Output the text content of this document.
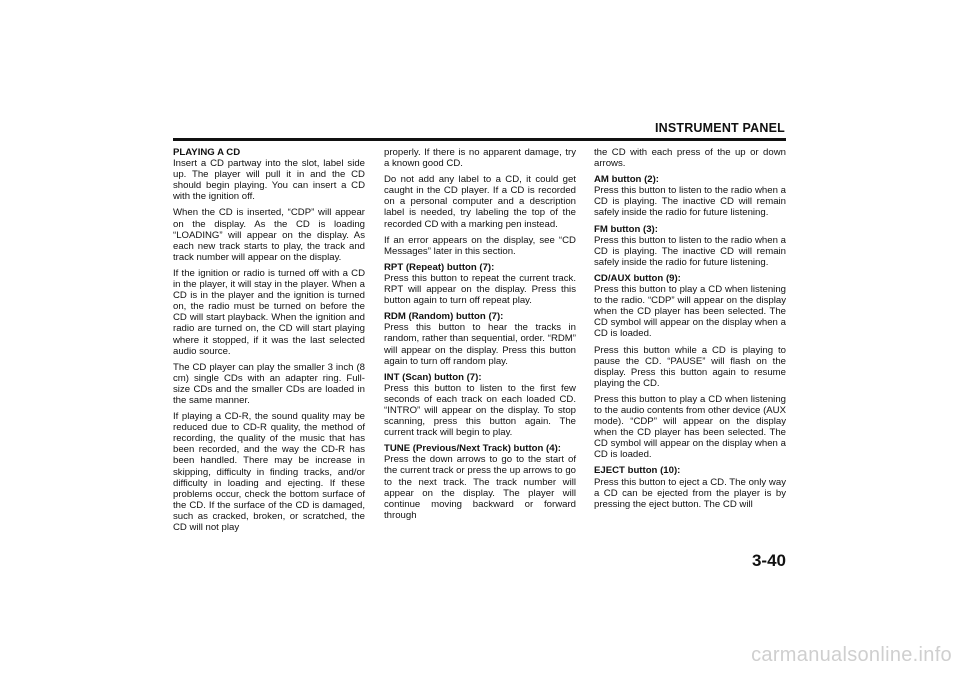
INSTRUMENT PANEL

PLAYING A CD
Insert a CD partway into the slot, label side up. The player will pull it in and the CD should begin playing. You can insert a CD with the ignition off.

When the CD is inserted, “CDP” will appear on the display. As the CD is loading “LOADING” will appear on the display. As each new track starts to play, the track and track number will appear on the display.

If the ignition or radio is turned off with a CD in the player, it will stay in the player. When a CD is in the player and the ignition is turned on, the radio must be turned on before the CD will start playback. When the ignition and radio are turned on, the CD will start playing where it stopped, if it was the last selected audio source.

The CD player can play the smaller 3 inch (8 cm) single CDs with an adapter ring. Full-size CDs and the smaller CDs are loaded in the same manner.

If playing a CD-R, the sound quality may be reduced due to CD-R quality, the method of recording, the quality of the music that has been recorded, and the way the CD-R has been handled. There may be increase in skipping, difficulty in finding tracks, and/or difficulty in loading and ejecting. If these problems occur, check the bottom surface of the CD. If the surface of the CD is damaged, such as cracked, broken, or scratched, the CD will not play

properly. If there is no apparent damage, try a known good CD.

Do not add any label to a CD, it could get caught in the CD player. If a CD is recorded on a personal computer and a description label is needed, try labeling the top of the recorded CD with a marking pen instead.

If an error appears on the display, see “CD Messages” later in this section.

RPT (Repeat) button (7):
Press this button to repeat the current track. RPT will appear on the display. Press this button again to turn off repeat play.

RDM (Random) button (7):
Press this button to hear the tracks in random, rather than sequential, order. “RDM” will appear on the display. Press this button again to turn off random play.

INT (Scan) button (7):
Press this button to listen to the first few seconds of each track on each loaded CD. “INTRO” will appear on the display. To stop scanning, press this button again. The current track will begin to play.

TUNE (Previous/Next Track) button (4):
Press the down arrows to go to the start of the current track or press the up arrows to go to the next track. The track number will appear on the display. The player will continue moving backward or forward through

the CD with each press of the up or down arrows.

AM button (2):
Press this button to listen to the radio when a CD is playing. The inactive CD will remain safely inside the radio for future listening.

FM button (3):
Press this button to listen to the radio when a CD is playing. The inactive CD will remain safely inside the radio for future listening.

CD/AUX button (9):
Press this button to play a CD when listening to the radio. “CDP” will appear on the display when the CD player has been selected. The CD symbol will appear on the display when a CD is loaded.

Press this button while a CD is playing to pause the CD. “PAUSE” will flash on the display. Press this button again to resume playing the CD.

Press this button to play a CD when listening to the audio contents from other device (AUX mode). “CDP” will appear on the display when the CD player has been selected. The CD symbol will appear on the display when a CD is loaded.

EJECT button (10):
Press this button to eject a CD. The only way a CD can be ejected from the player is by pressing the eject button. The CD will

3-40
carmanualsonline.info
